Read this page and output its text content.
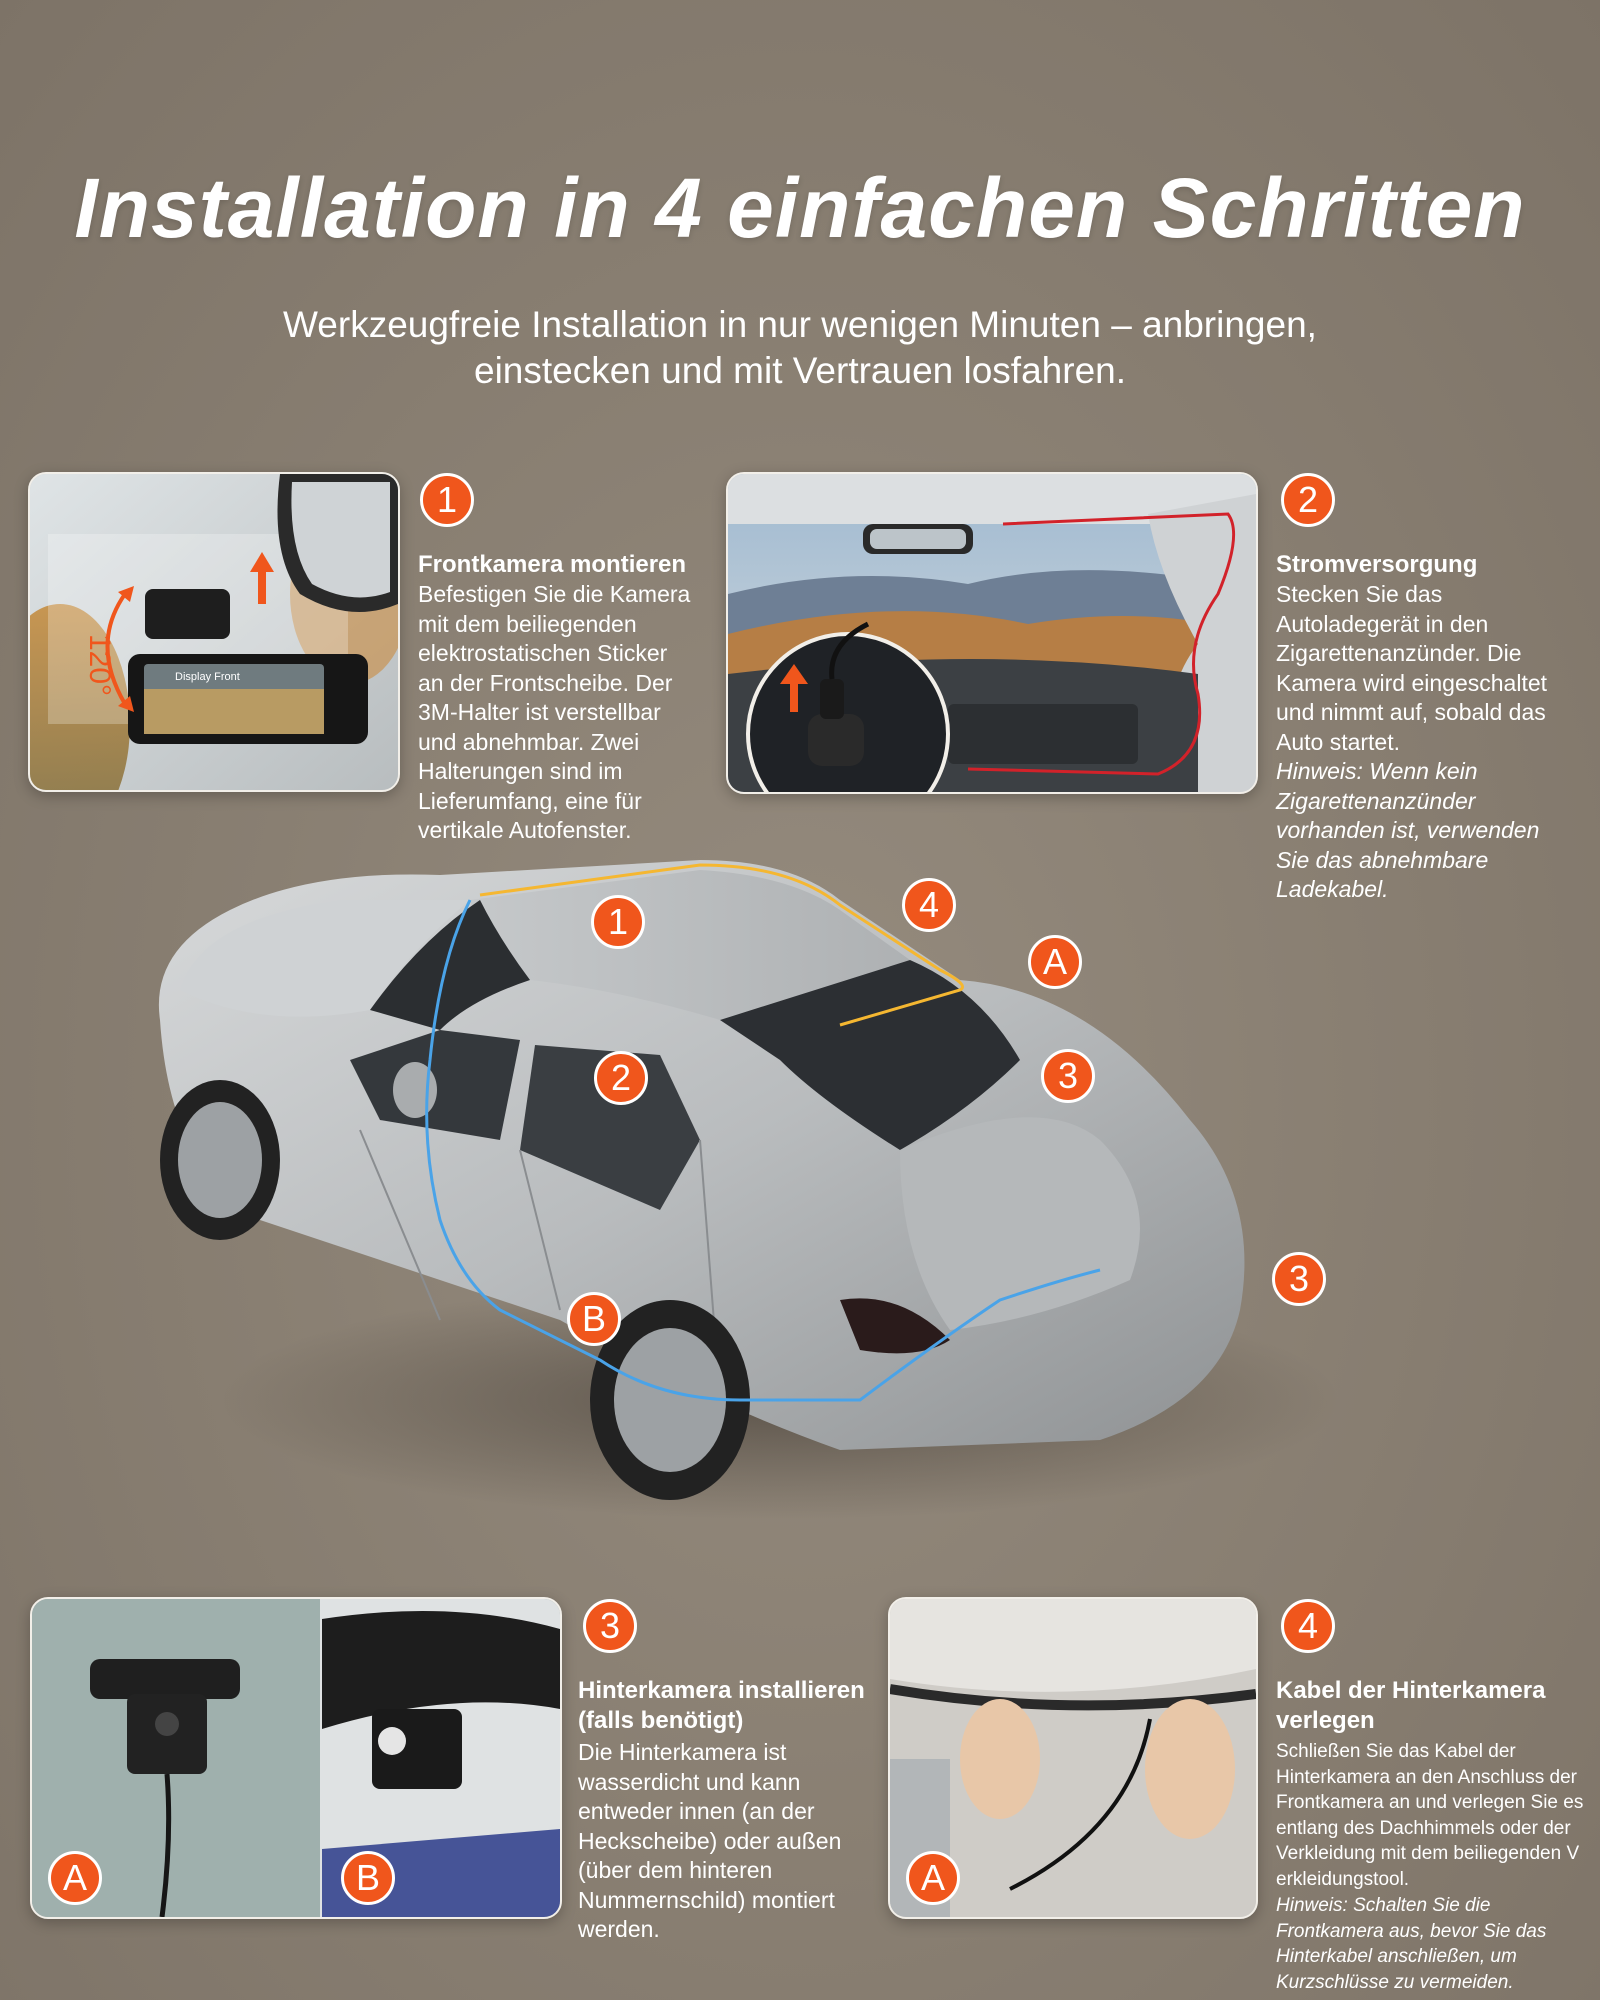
Installation in 4 einfachen Schritten
Werkzeugfreie Installation in nur wenigen Minuten – anbringen,
einstecken und mit Vertrauen losfahren.
Display Front
120°
1
Frontkamera montieren
Befestigen Sie die Kamera
mit dem beiliegenden
elektrostatischen Sticker
an der Frontscheibe. Der
3M-Halter ist verstellbar
und abnehmbar. Zwei
Halterungen sind im
Lieferumfang, eine für
vertikale Autofenster.
2
Stromversorgung
Stecken Sie das
Autoladegerät in den
Zigarettenanzünder. Die
Kamera wird eingeschaltet
und nimmt auf, sobald das
Auto startet.
Hinweis: Wenn kein
Zigarettenanzünder
vorhanden ist, verwenden
Sie das abnehmbare
Ladekabel.
1	4
A
2	3
3
B
A	B
3
Hinterkamera installieren
(falls benötigt)
Die Hinterkamera ist
wasserdicht und kann
entweder innen (an der
Heckscheibe) oder außen
(über dem hinteren
Nummernschild) montiert
werden.
A
4
Kabel der Hinterkamera
verlegen
Schließen Sie das Kabel der
Hinterkamera an den Anschluss der
Frontkamera an und verlegen Sie es
entlang des Dachhimmels oder der
Verkleidung mit dem beiliegenden V
erkleidungstool.
Hinweis: Schalten Sie die
Frontkamera aus, bevor Sie das
Hinterkabel anschließen, um
Kurzschlüsse zu vermeiden.
